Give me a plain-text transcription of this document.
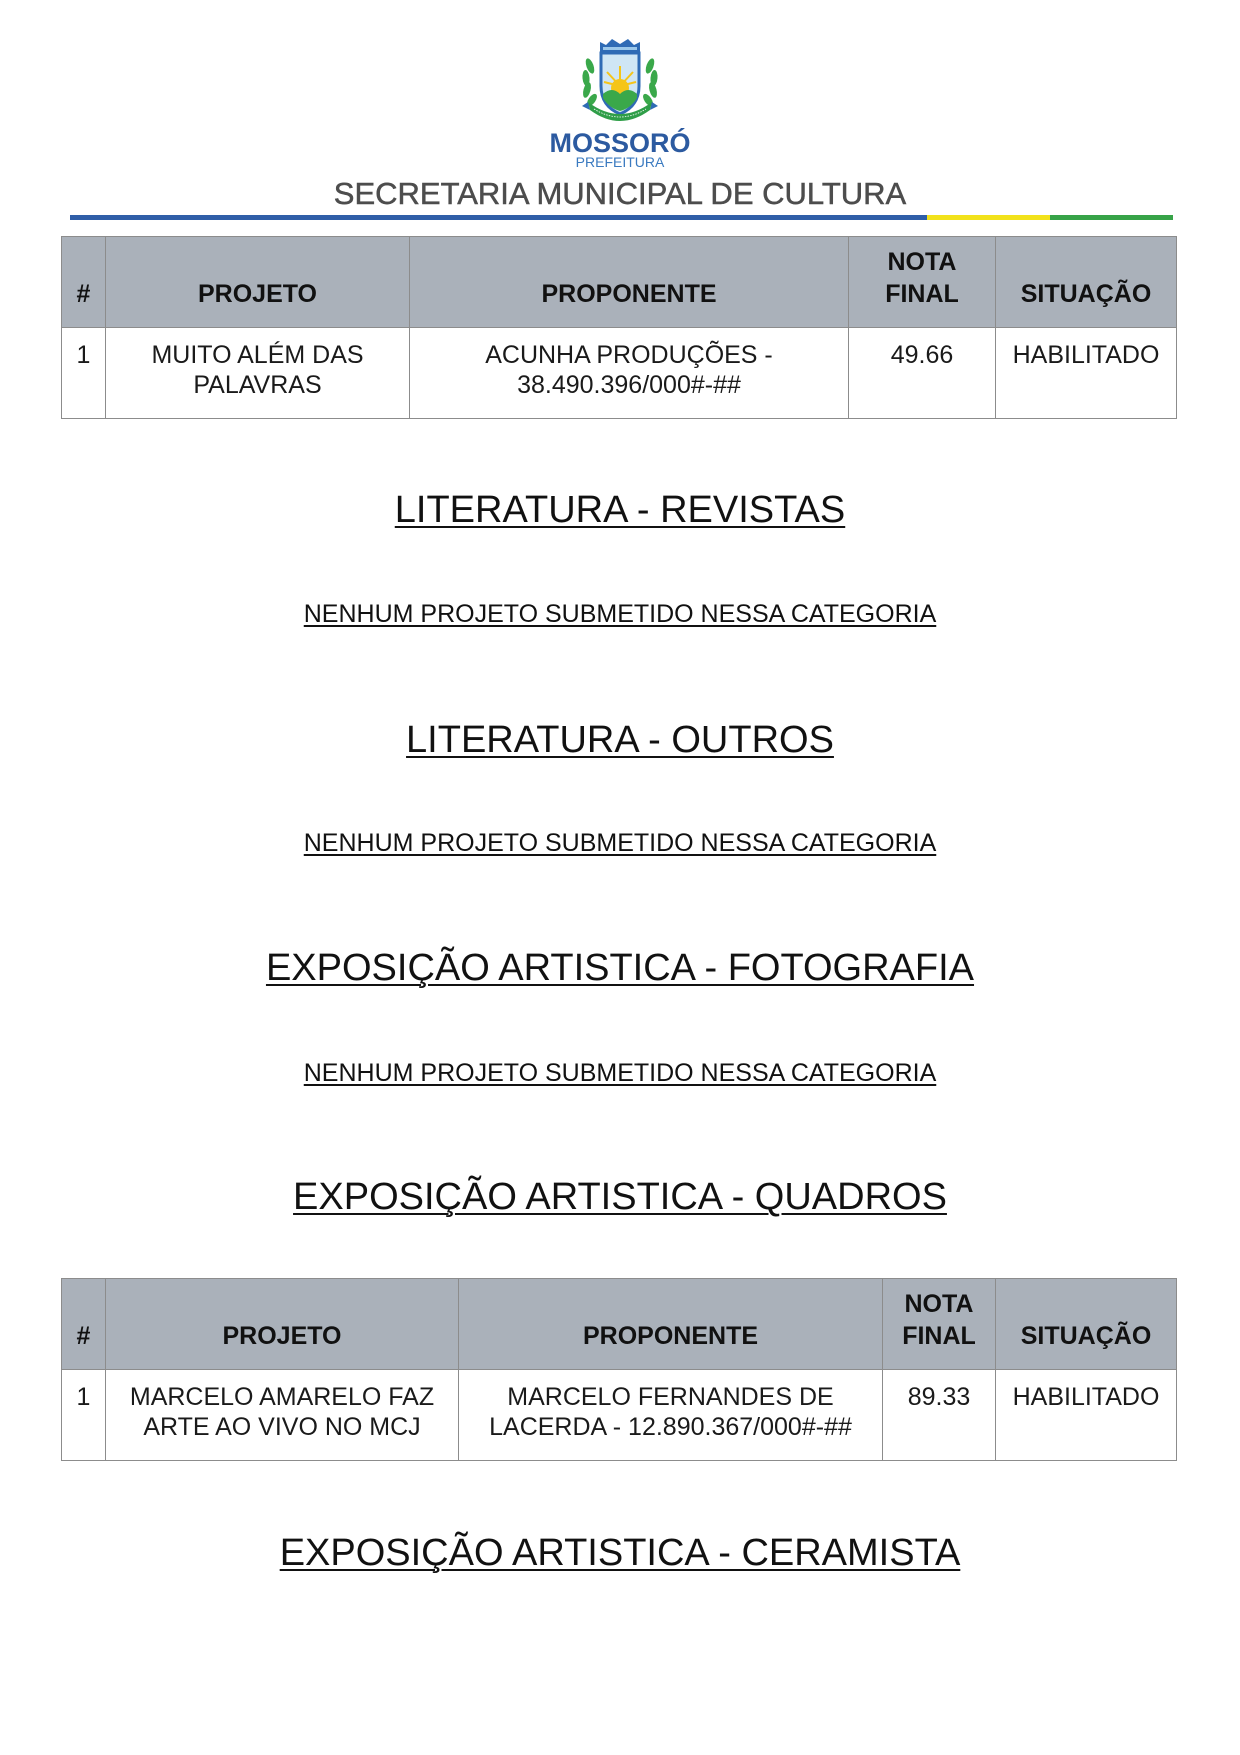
MOSSORÓ
PREFEITURA
SECRETARIA MUNICIPAL DE CULTURA
#	PROJETO	PROPONENTE	NOTA FINAL	SITUAÇÃO
1	MUITO ALÉM DAS PALAVRAS	ACUNHA PRODUÇÕES - 38.490.396/000#-##	49.66	HABILITADO
LITERATURA - REVISTAS
NENHUM PROJETO SUBMETIDO NESSA CATEGORIA
LITERATURA - OUTROS
NENHUM PROJETO SUBMETIDO NESSA CATEGORIA
EXPOSIÇÃO ARTISTICA - FOTOGRAFIA
NENHUM PROJETO SUBMETIDO NESSA CATEGORIA
EXPOSIÇÃO ARTISTICA - QUADROS
#	PROJETO	PROPONENTE	NOTA FINAL	SITUAÇÃO
1	MARCELO AMARELO FAZ ARTE AO VIVO NO MCJ	MARCELO FERNANDES DE LACERDA - 12.890.367/000#-##	89.33	HABILITADO
EXPOSIÇÃO ARTISTICA - CERAMISTA
